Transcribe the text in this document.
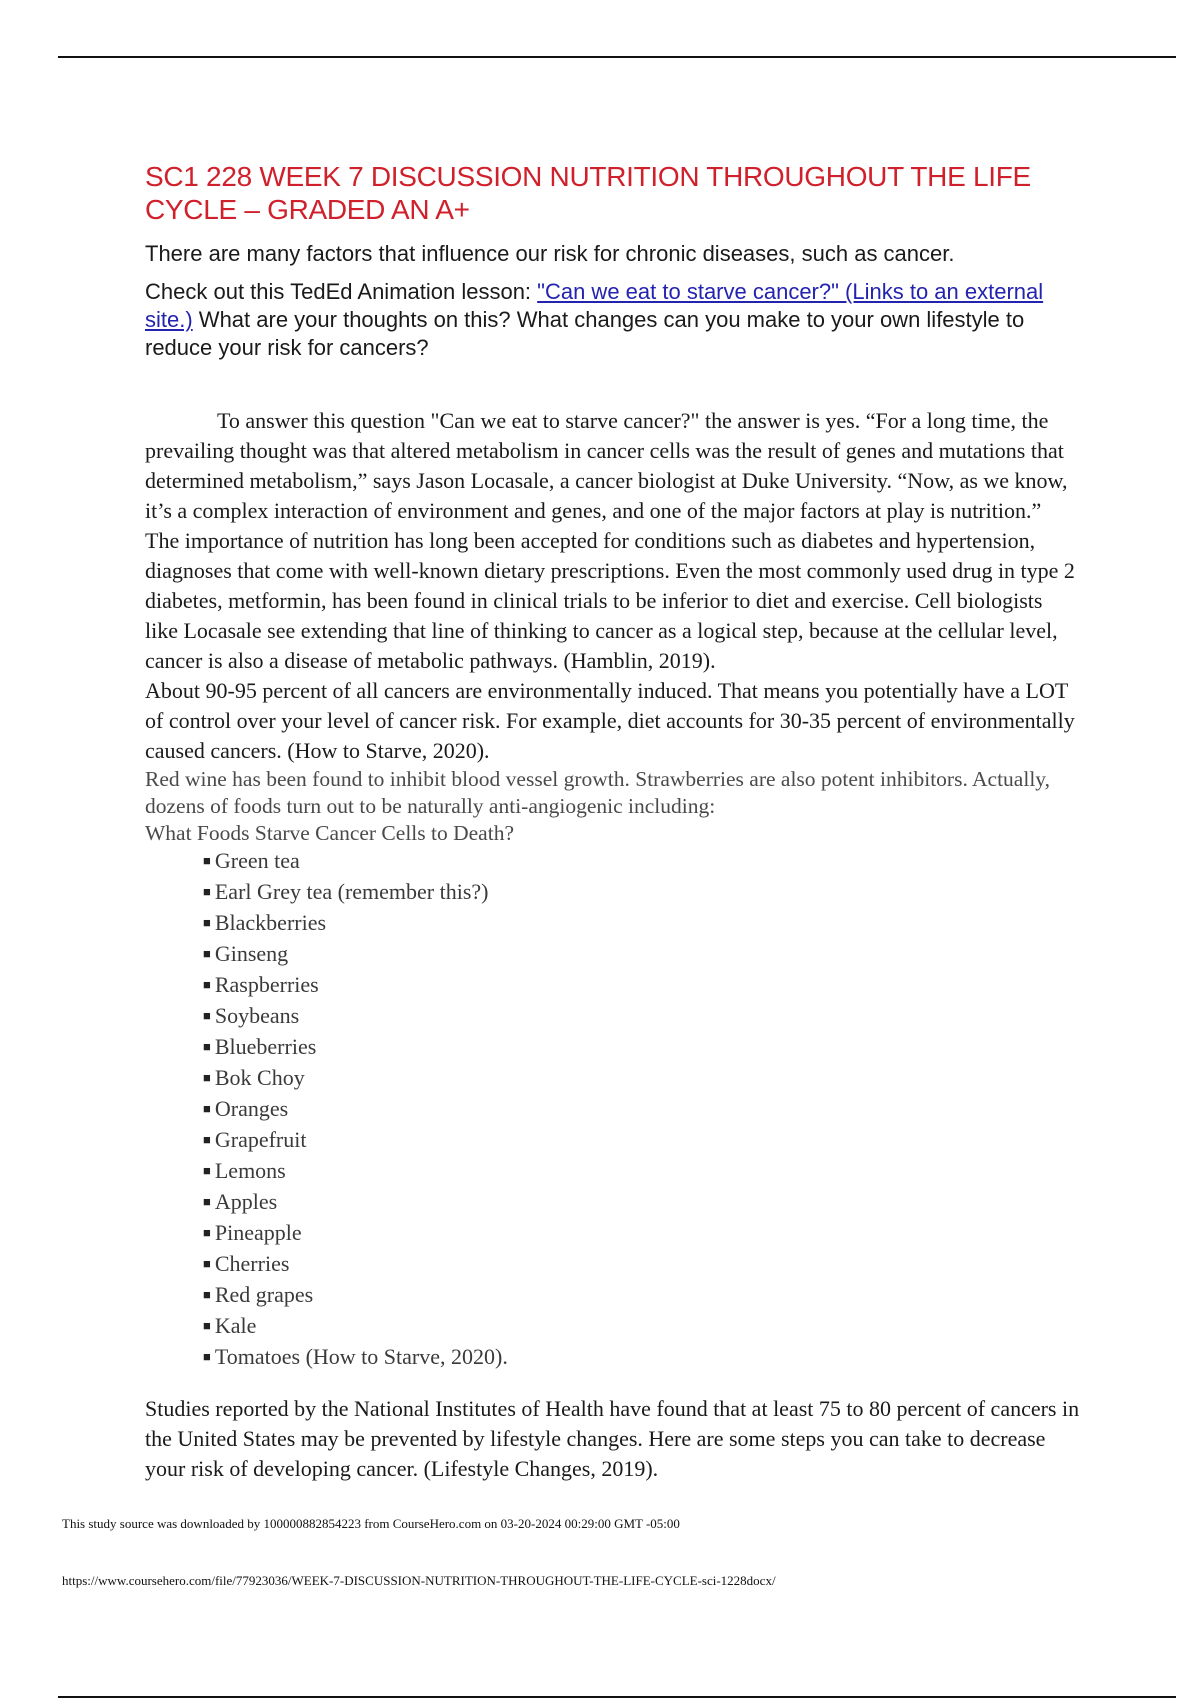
SC1 228 WEEK 7 DISCUSSION NUTRITION THROUGHOUT THE LIFE CYCLE – GRADED AN A+

There are many factors that influence our risk for chronic diseases, such as cancer.

Check out this TedEd Animation lesson: "Can we eat to starve cancer?" (Links to an external site.) What are your thoughts on this? What changes can you make to your own lifestyle to reduce your risk for cancers?

To answer this question "Can we eat to starve cancer?" the answer is yes. “For a long time, the prevailing thought was that altered metabolism in cancer cells was the result of genes and mutations that determined metabolism,” says Jason Locasale, a cancer biologist at Duke University. “Now, as we know, it’s a complex interaction of environment and genes, and one of the major factors at play is nutrition.” The importance of nutrition has long been accepted for conditions such as diabetes and hypertension, diagnoses that come with well-known dietary prescriptions. Even the most commonly used drug in type 2 diabetes, metformin, has been found in clinical trials to be inferior to diet and exercise. Cell biologists like Locasale see extending that line of thinking to cancer as a logical step, because at the cellular level, cancer is also a disease of metabolic pathways. (Hamblin, 2019).

About 90-95 percent of all cancers are environmentally induced. That means you potentially have a LOT of control over your level of cancer risk. For example, diet accounts for 30-35 percent of environmentally caused cancers. (How to Starve, 2020).

Red wine has been found to inhibit blood vessel growth. Strawberries are also potent inhibitors. Actually, dozens of foods turn out to be naturally anti-angiogenic including:

What Foods Starve Cancer Cells to Death?

■ Green tea
■ Earl Grey tea (remember this?)
■ Blackberries
■ Ginseng
■ Raspberries
■ Soybeans
■ Blueberries
■ Bok Choy
■ Oranges
■ Grapefruit
■ Lemons
■ Apples
■ Pineapple
■ Cherries
■ Red grapes
■ Kale
■ Tomatoes (How to Starve, 2020).

Studies reported by the National Institutes of Health have found that at least 75 to 80 percent of cancers in the United States may be prevented by lifestyle changes. Here are some steps you can take to decrease your risk of developing cancer. (Lifestyle Changes, 2019).

This study source was downloaded by 100000882854223 from CourseHero.com on 03-20-2024 00:29:00 GMT -05:00
https://www.coursehero.com/file/77923036/WEEK-7-DISCUSSION-NUTRITION-THROUGHOUT-THE-LIFE-CYCLE-sci-1228docx/
